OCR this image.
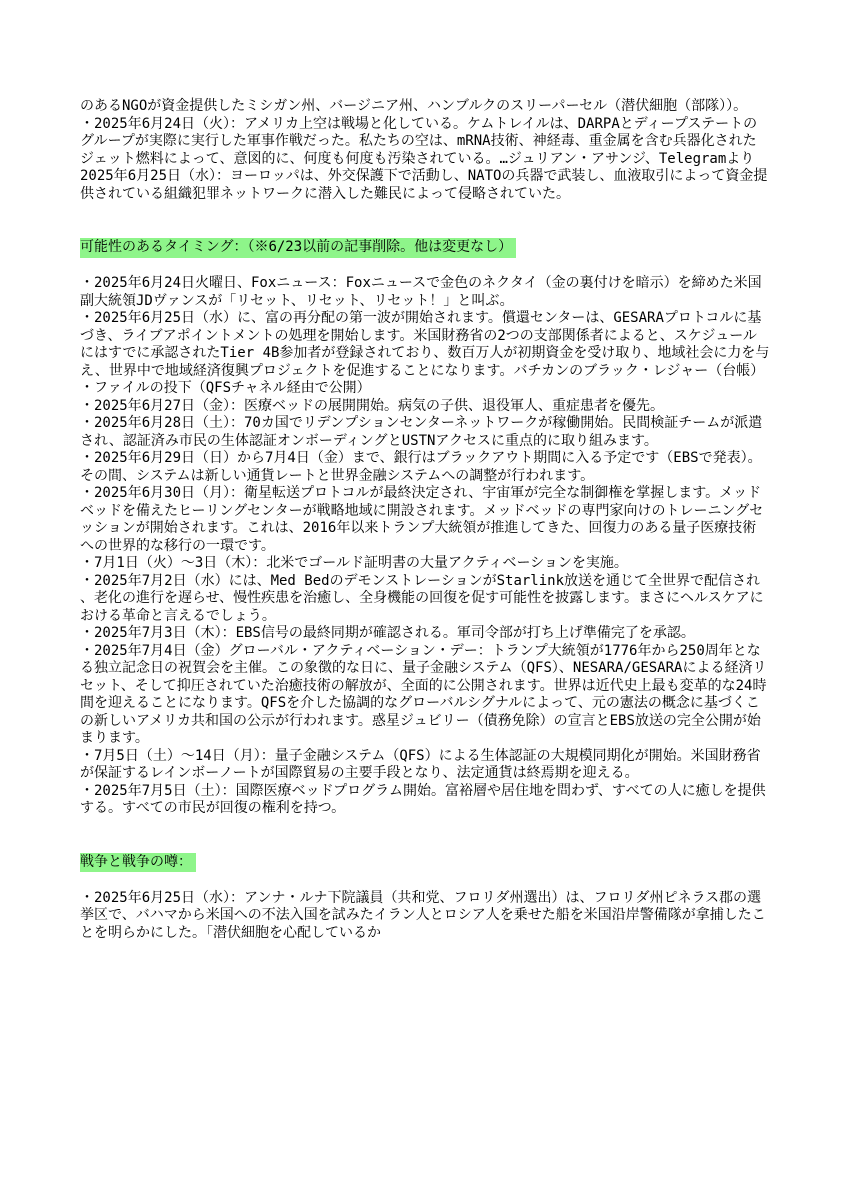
のあるNGOが資金提供したミシガン州、バージニア州、ハンブルクのスリーパーセル（潜伏細胞（部隊））。

・2025年6月24日（火）：アメリカ上空は戦場と化している。ケムトレイルは、DARPAとディープステートのグループが実際に実行した軍事作戦だった。私たちの空は、mRNA技術、神経毒、重金属を含む兵器化されたジェット燃料によって、意図的に、何度も何度も汚染されている。…ジュリアン・アサンジ、Telegramより

2025年6月25日（水）：ヨーロッパは、外交保護下で活動し、NATOの兵器で武装し、血液取引によって資金提供されている組織犯罪ネットワークに潜入した難民によって侵略されていた。

可能性のあるタイミング：（※6/23以前の記事削除。他は変更なし）

・2025年6月24日火曜日、Foxニュース：Foxニュースで金色のネクタイ（金の裏付けを暗示）を締めた米国副大統領JDヴァンスが「リセット、リセット、リセット！」と叫ぶ。

・2025年6月25日（水）に、富の再分配の第一波が開始されます。償還センターは、GESARAプロトコルに基づき、ライブアポイントメントの処理を開始します。米国財務省の2つの支部関係者によると、スケジュールにはすでに承認されたTier 4B参加者が登録されており、数百万人が初期資金を受け取り、地域社会に力を与え、世界中で地域経済復興プロジェクトを促進することになります。バチカンのブラック・レジャー（台帳）・ファイルの投下（QFSチャネル経由で公開）

・2025年6月27日（金）：医療ベッドの展開開始。病気の子供、退役軍人、重症患者を優先。

・2025年6月28日（土）：70カ国でリデンプションセンターネットワークが稼働開始。民間検証チームが派遣され、認証済み市民の生体認証オンボーディングとUSTNアクセスに重点的に取り組みます。

・2025年6月29日（日）から7月4日（金）まで、銀行はブラックアウト期間に入る予定です（EBSで発表）。その間、システムは新しい通貨レートと世界金融システムへの調整が行われます。

・2025年6月30日（月）：衛星転送プロトコルが最終決定され、宇宙軍が完全な制御権を掌握します。メッドベッドを備えたヒーリングセンターが戦略地域に開設されます。メッドベッドの専門家向けのトレーニングセッションが開始されます。これは、2016年以来トランプ大統領が推進してきた、回復力のある量子医療技術への世界的な移行の一環です。

・7月1日（火）～3日（木）：北米でゴールド証明書の大量アクティベーションを実施。

・2025年7月2日（水）には、Med BedのデモンストレーションがStarlink放送を通じて全世界で配信され、老化の進行を遅らせ、慢性疾患を治癒し、全身機能の回復を促す可能性を披露します。まさにヘルスケアにおける革命と言えるでしょう。

・2025年7月3日（木）：EBS信号の最終同期が確認される。軍司令部が打ち上げ準備完了を承認。

・2025年7月4日（金）グローバル・アクティベーション・デー：トランプ大統領が1776年から250周年となる独立記念日の祝賀会を主催。この象徴的な日に、量子金融システム（QFS）、NESARA/GESARAによる経済リセット、そして抑圧されていた治癒技術の解放が、全面的に公開されます。世界は近代史上最も変革的な24時間を迎えることになります。QFSを介した協調的なグローバルシグナルによって、元の憲法の概念に基づくこの新しいアメリカ共和国の公示が行われます。惑星ジュビリー（債務免除）の宣言とEBS放送の完全公開が始まります。

・7月5日（土）～14日（月）：量子金融システム（QFS）による生体認証の大規模同期化が開始。米国財務省が保証するレインボーノートが国際貿易の主要手段となり、法定通貨は終焉期を迎える。

・2025年7月5日（土）：国際医療ベッドプログラム開始。富裕層や居住地を問わず、すべての人に癒しを提供する。すべての市民が回復の権利を持つ。

戦争と戦争の噂：

・2025年6月25日（水）：アンナ・ルナ下院議員（共和党、フロリダ州選出）は、フロリダ州ピネラス郡の選挙区で、バハマから米国への不法入国を試みたイラン人とロシア人を乗せた船を米国沿岸警備隊が拿捕したことを明らかにした。「潜伏細胞を心配しているか
